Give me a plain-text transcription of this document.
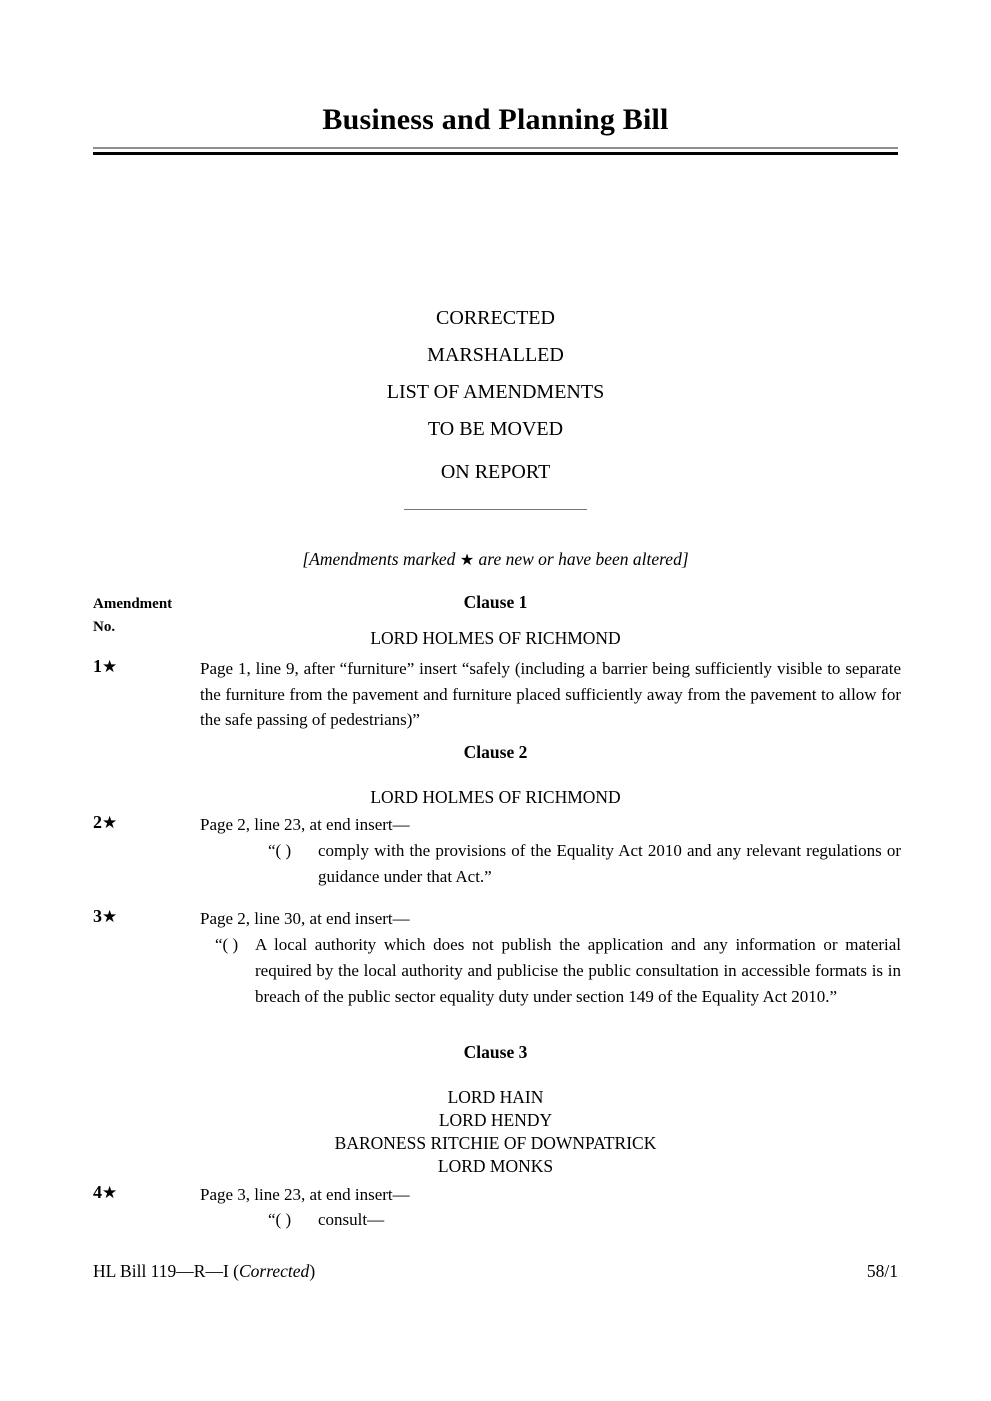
Business and Planning Bill
CORRECTED
MARSHALLED
LIST OF AMENDMENTS
TO BE MOVED
ON REPORT
[Amendments marked ★ are new or have been altered]
Amendment
No.
Clause 1
LORD HOLMES OF RICHMOND
1★	Page 1, line 9, after “furniture” insert “safely (including a barrier being sufficiently visible to separate the furniture from the pavement and furniture placed sufficiently away from the pavement to allow for the safe passing of pedestrians)”
Clause 2
LORD HOLMES OF RICHMOND
2★	Page 2, line 23, at end insert—
“( )	comply with the provisions of the Equality Act 2010 and any relevant regulations or guidance under that Act.”
3★	Page 2, line 30, at end insert—
“( ) A local authority which does not publish the application and any information or material required by the local authority and publicise the public consultation in accessible formats is in breach of the public sector equality duty under section 149 of the Equality Act 2010.”
Clause 3
LORD HAIN
LORD HENDY
BARONESS RITCHIE OF DOWNPATRICK
LORD MONKS
4★	Page 3, line 23, at end insert—
“( )	consult—
HL Bill 119—R—I (Corrected)	58/1
